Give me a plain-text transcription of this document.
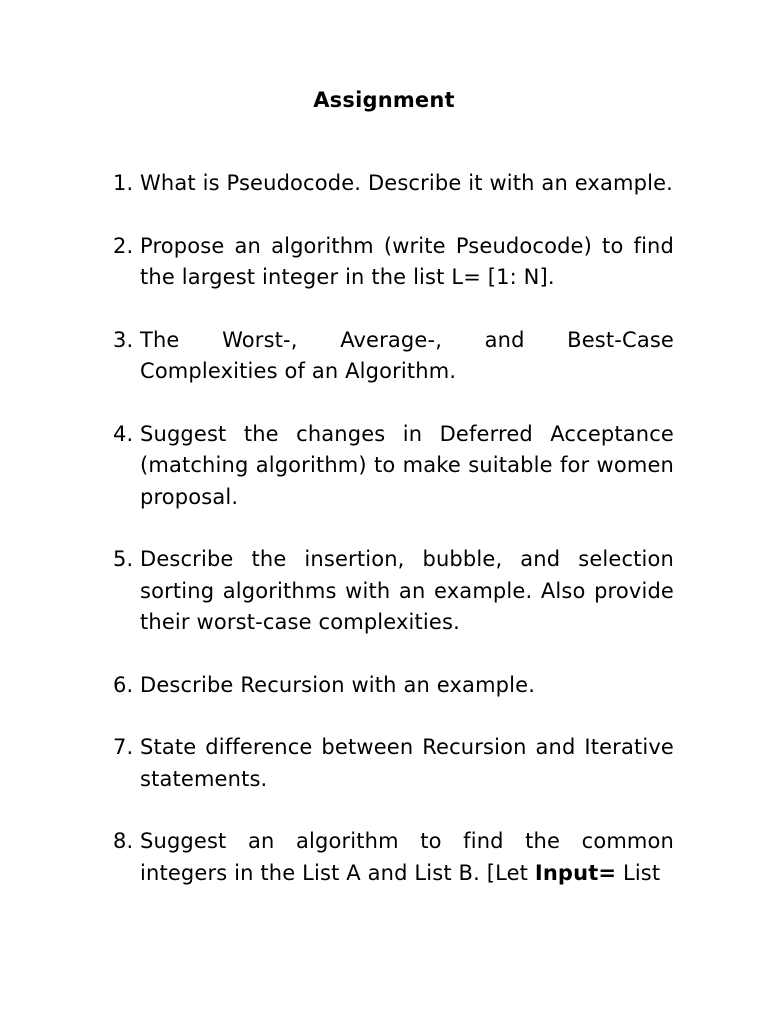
Assignment
1. What is Pseudocode. Describe it with an example.
2. Propose an algorithm (write Pseudocode) to find the largest integer in the list L= [1: N].
3. The Worst-, Average-, and Best-Case Complexities of an Algorithm.
4. Suggest the changes in Deferred Acceptance (matching algorithm) to make suitable for women proposal.
5. Describe the insertion, bubble, and selection sorting algorithms with an example. Also provide their worst-case complexities.
6. Describe Recursion with an example.
7. State difference between Recursion and Iterative statements.
8. Suggest an algorithm to find the common integers in the List A and List B. [Let Input= List
